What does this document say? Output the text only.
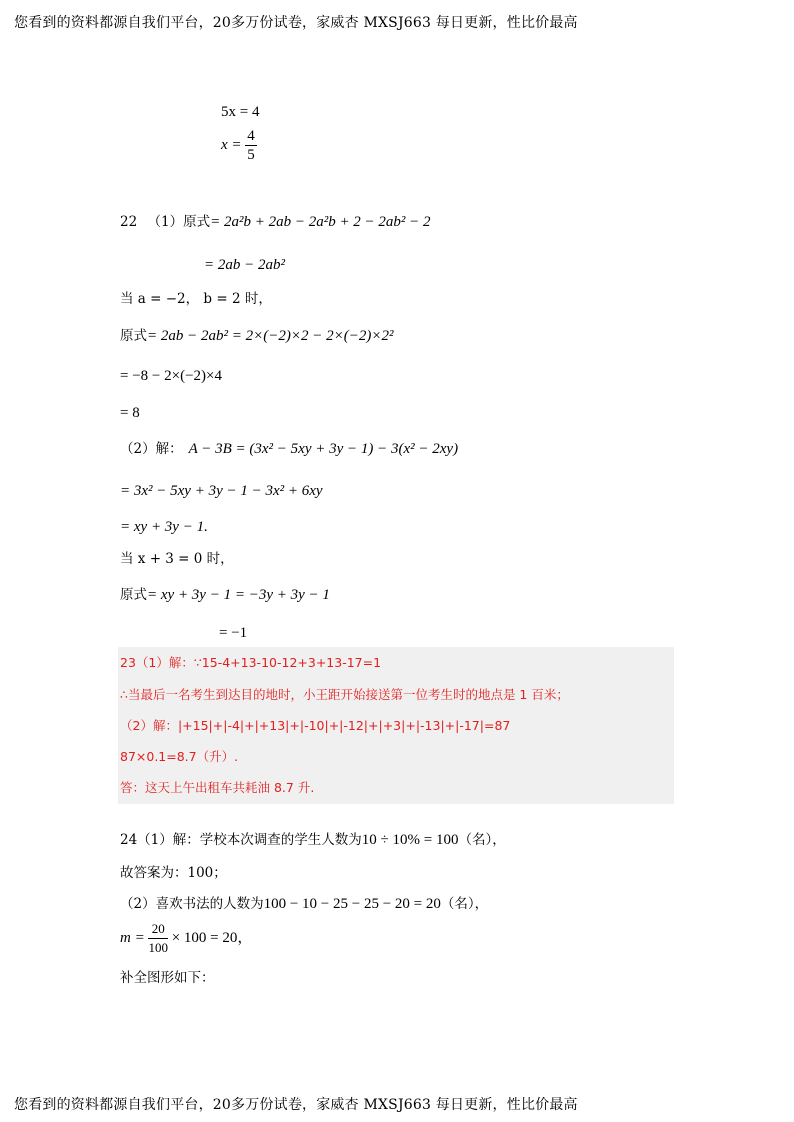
您看到的资料都源自我们平台，20多万份试卷，家威杏 MXSJ663 每日更新，性比价最高
5x = 4
$x = \frac{4}{5}$
22 （1）原式= 2a²b + 2ab − 2a²b + 2 − 2ab² − 2
= 2ab − 2ab²
当 a = −2， b = 2 时，
原式= 2ab − 2ab² = 2×(−2)×2 − 2×(−2)×2²
= −8 − 2×(−2)×4
= 8
（2）解： A − 3B = (3x² − 5xy + 3y − 1) − 3(x² − 2xy)
= 3x² − 5xy + 3y − 1 − 3x² + 6xy
= xy + 3y − 1.
当 x + 3 = 0 时，
原式= xy + 3y − 1 = −3y + 3y − 1
= −1
23（1）解：∵15-4+13-10-12+3+13-17=1
∴当最后一名考生到达目的地时，小王距开始接送第一位考生时的地点是 1 百米；
（2）解：|+15|+|-4|+|+13|+|-10|+|-12|+|+3|+|-13|+|-17|=87
87×0.1=8.7（升）.
答：这天上午出租车共耗油 8.7 升.
24（1）解：学校本次调查的学生人数为10 ÷ 10% = 100（名），
故答案为：100；
（2）喜欢书法的人数为100 − 10 − 25 − 25 − 20 = 20（名），
$m = \frac{20}{100} \times 100 = 20$，
补全图形如下：
您看到的资料都源自我们平台，20多万份试卷，家威杏 MXSJ663 每日更新，性比价最高
